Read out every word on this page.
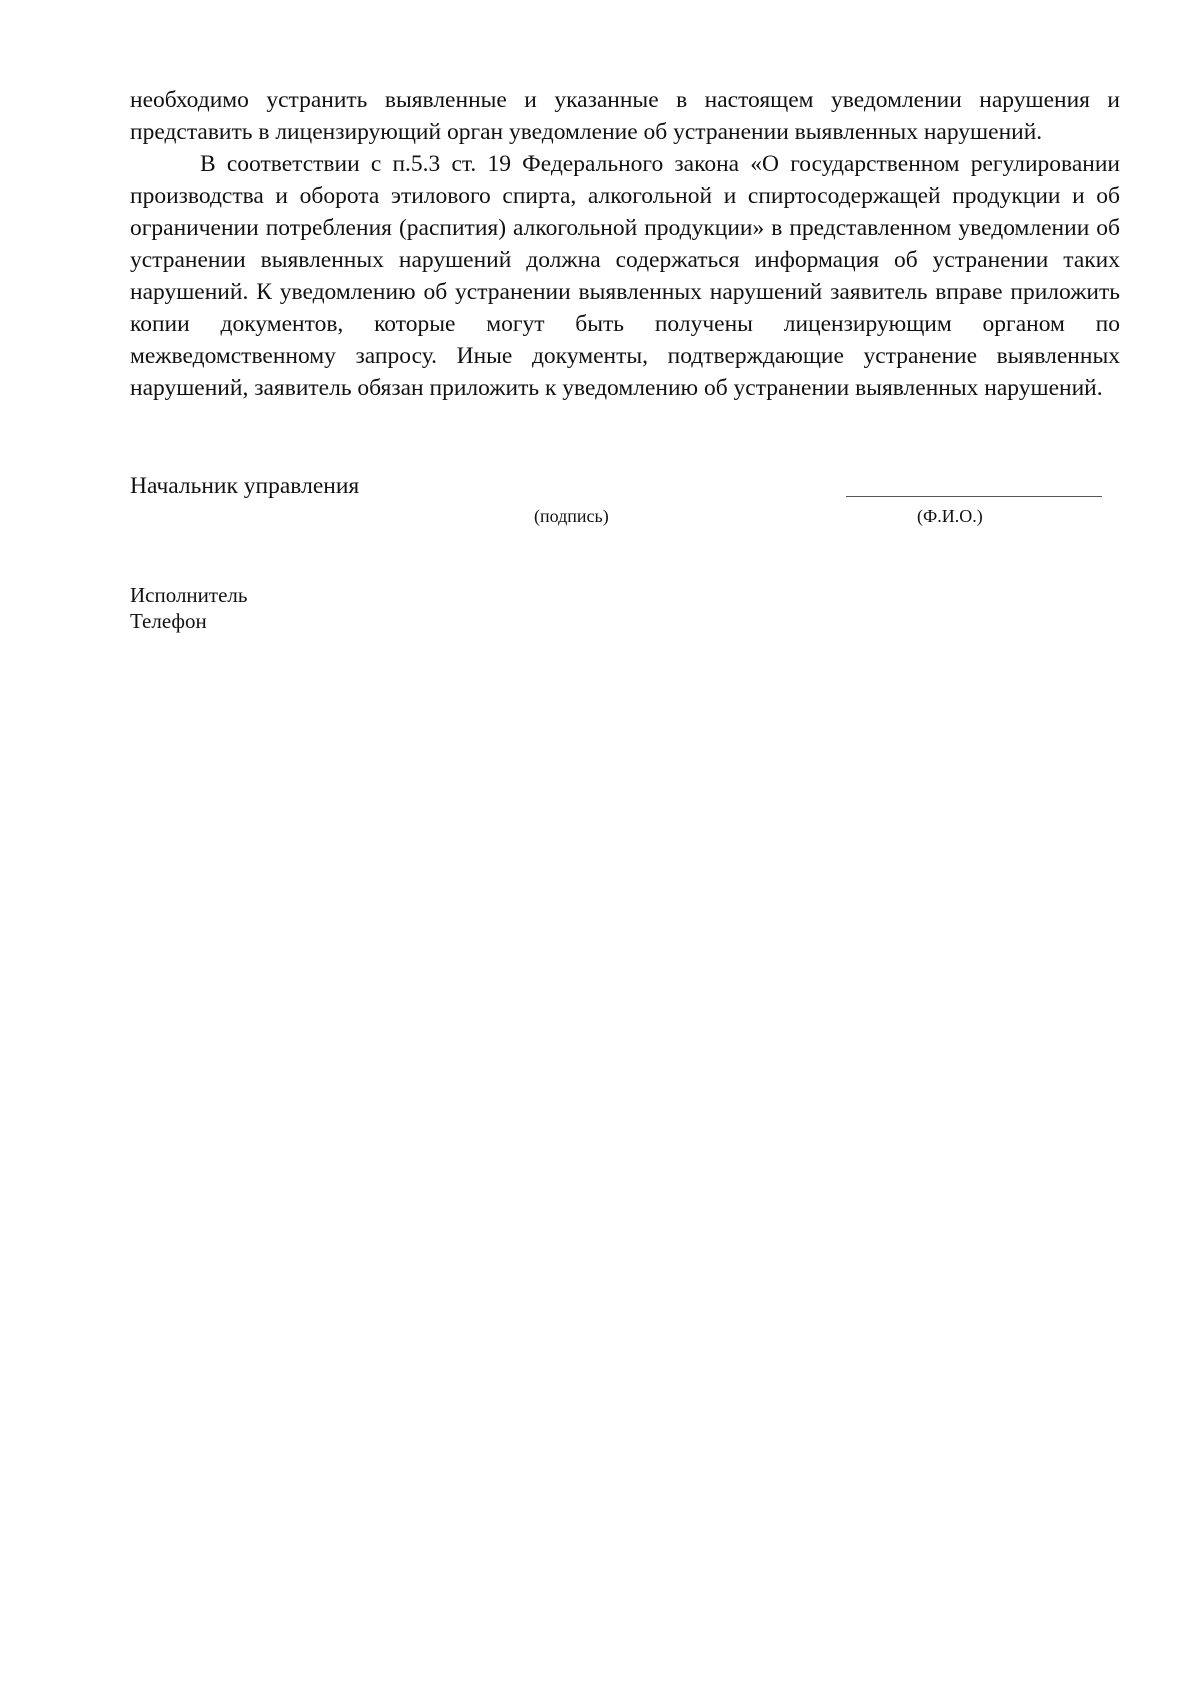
необходимо устранить выявленные и указанные в настоящем уведомлении нарушения и представить в лицензирующий орган уведомление об устранении выявленных нарушений.

В соответствии с п.5.3 ст. 19 Федерального закона «О государственном регулировании производства и оборота этилового спирта, алкогольной и спиртосодержащей продукции и об ограничении потребления (распития) алкогольной продукции» в представленном уведомлении об устранении выявленных нарушений должна содержаться информация об устранении таких нарушений. К уведомлению об устранении выявленных нарушений заявитель вправе приложить копии документов, которые могут быть получены лицензирующим органом по межведомственному запросу. Иные документы, подтверждающие устранение выявленных нарушений, заявитель обязан приложить к уведомлению об устранении выявленных нарушений.

Начальник управления

(подпись)	(Ф.И.О.)

Исполнитель

Телефон
